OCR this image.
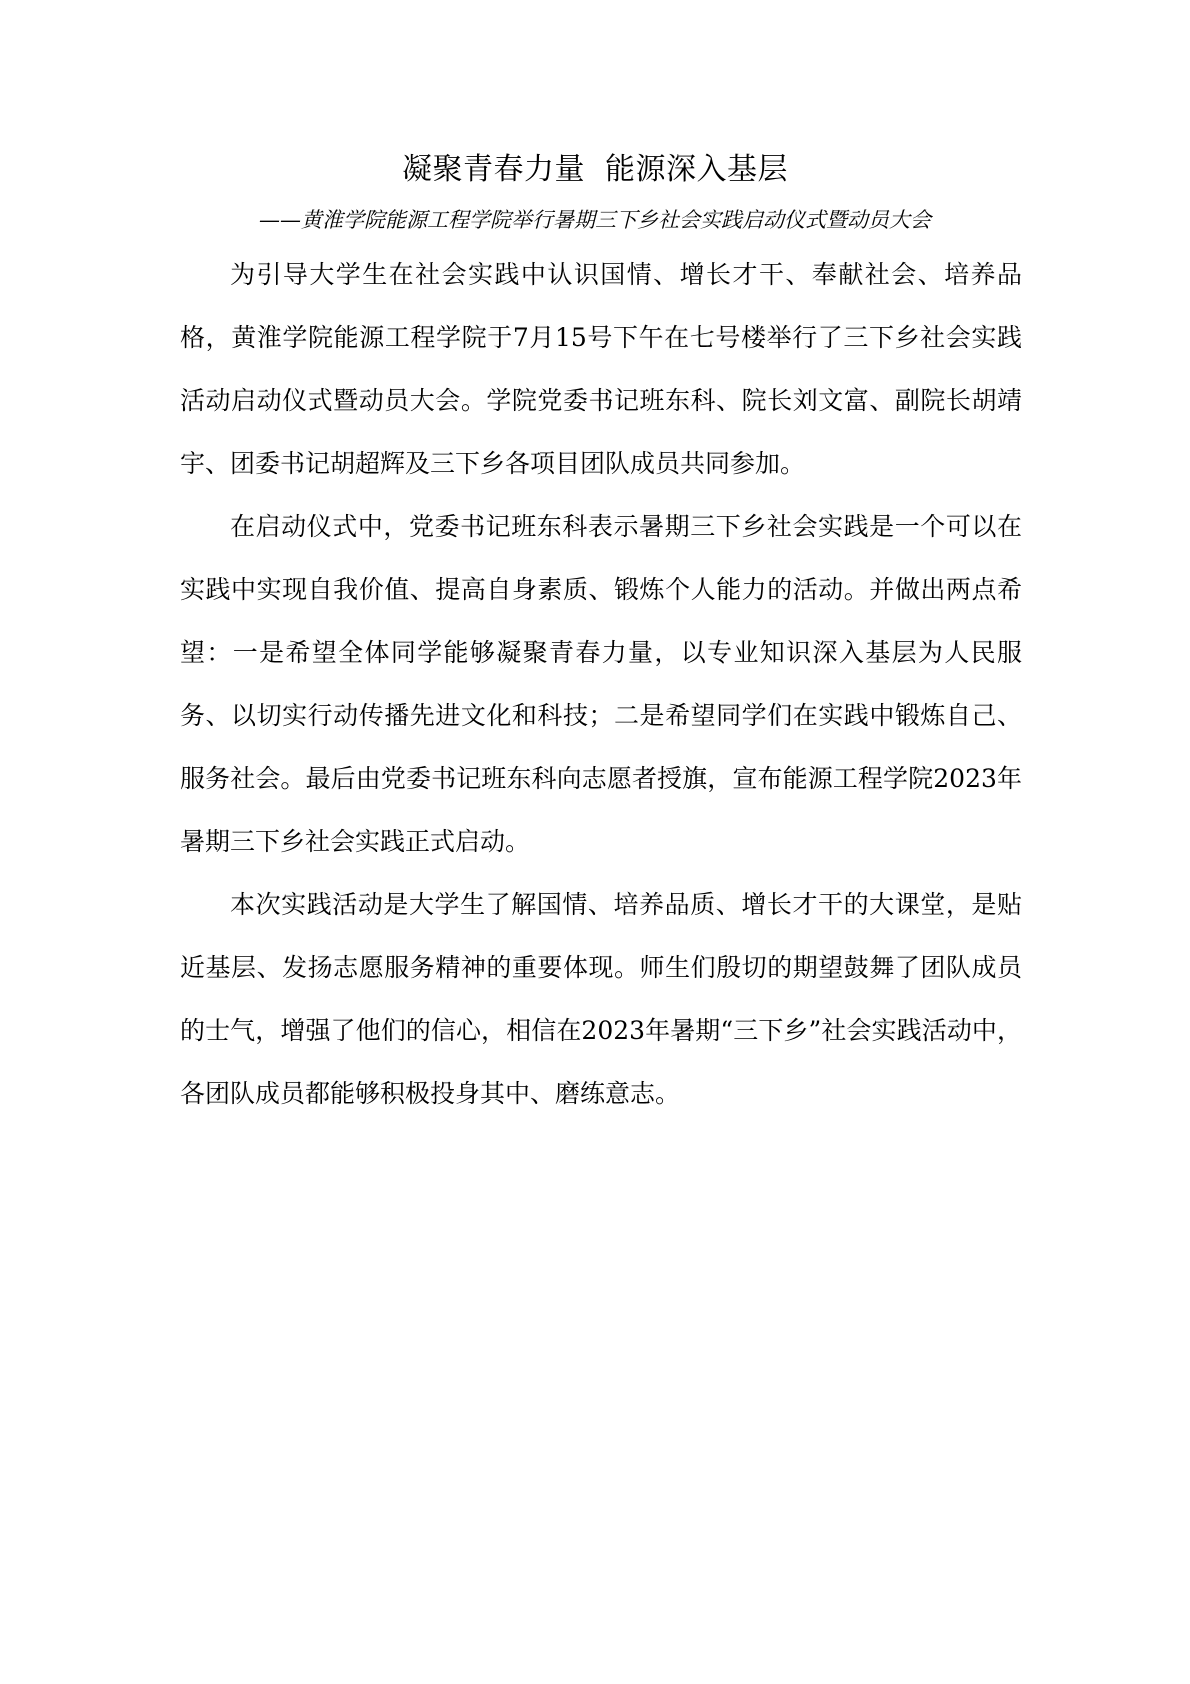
凝聚青春力量  能源深入基层

——黄淮学院能源工程学院举行暑期三下乡社会实践启动仪式暨动员大会

为引导大学生在社会实践中认识国情、增长才干、奉献社会、培养品格，黄淮学院能源工程学院于7月15号下午在七号楼举行了三下乡社会实践活动启动仪式暨动员大会。学院党委书记班东科、院长刘文富、副院长胡靖宇、团委书记胡超辉及三下乡各项目团队成员共同参加。

在启动仪式中，党委书记班东科表示暑期三下乡社会实践是一个可以在实践中实现自我价值、提高自身素质、锻炼个人能力的活动。并做出两点希望：一是希望全体同学能够凝聚青春力量，以专业知识深入基层为人民服务、以切实行动传播先进文化和科技；二是希望同学们在实践中锻炼自己、服务社会。最后由党委书记班东科向志愿者授旗，宣布能源工程学院2023年暑期三下乡社会实践正式启动。

本次实践活动是大学生了解国情、培养品质、增长才干的大课堂，是贴近基层、发扬志愿服务精神的重要体现。师生们殷切的期望鼓舞了团队成员的士气，增强了他们的信心，相信在2023年暑期“三下乡”社会实践活动中，各团队成员都能够积极投身其中、磨练意志。
